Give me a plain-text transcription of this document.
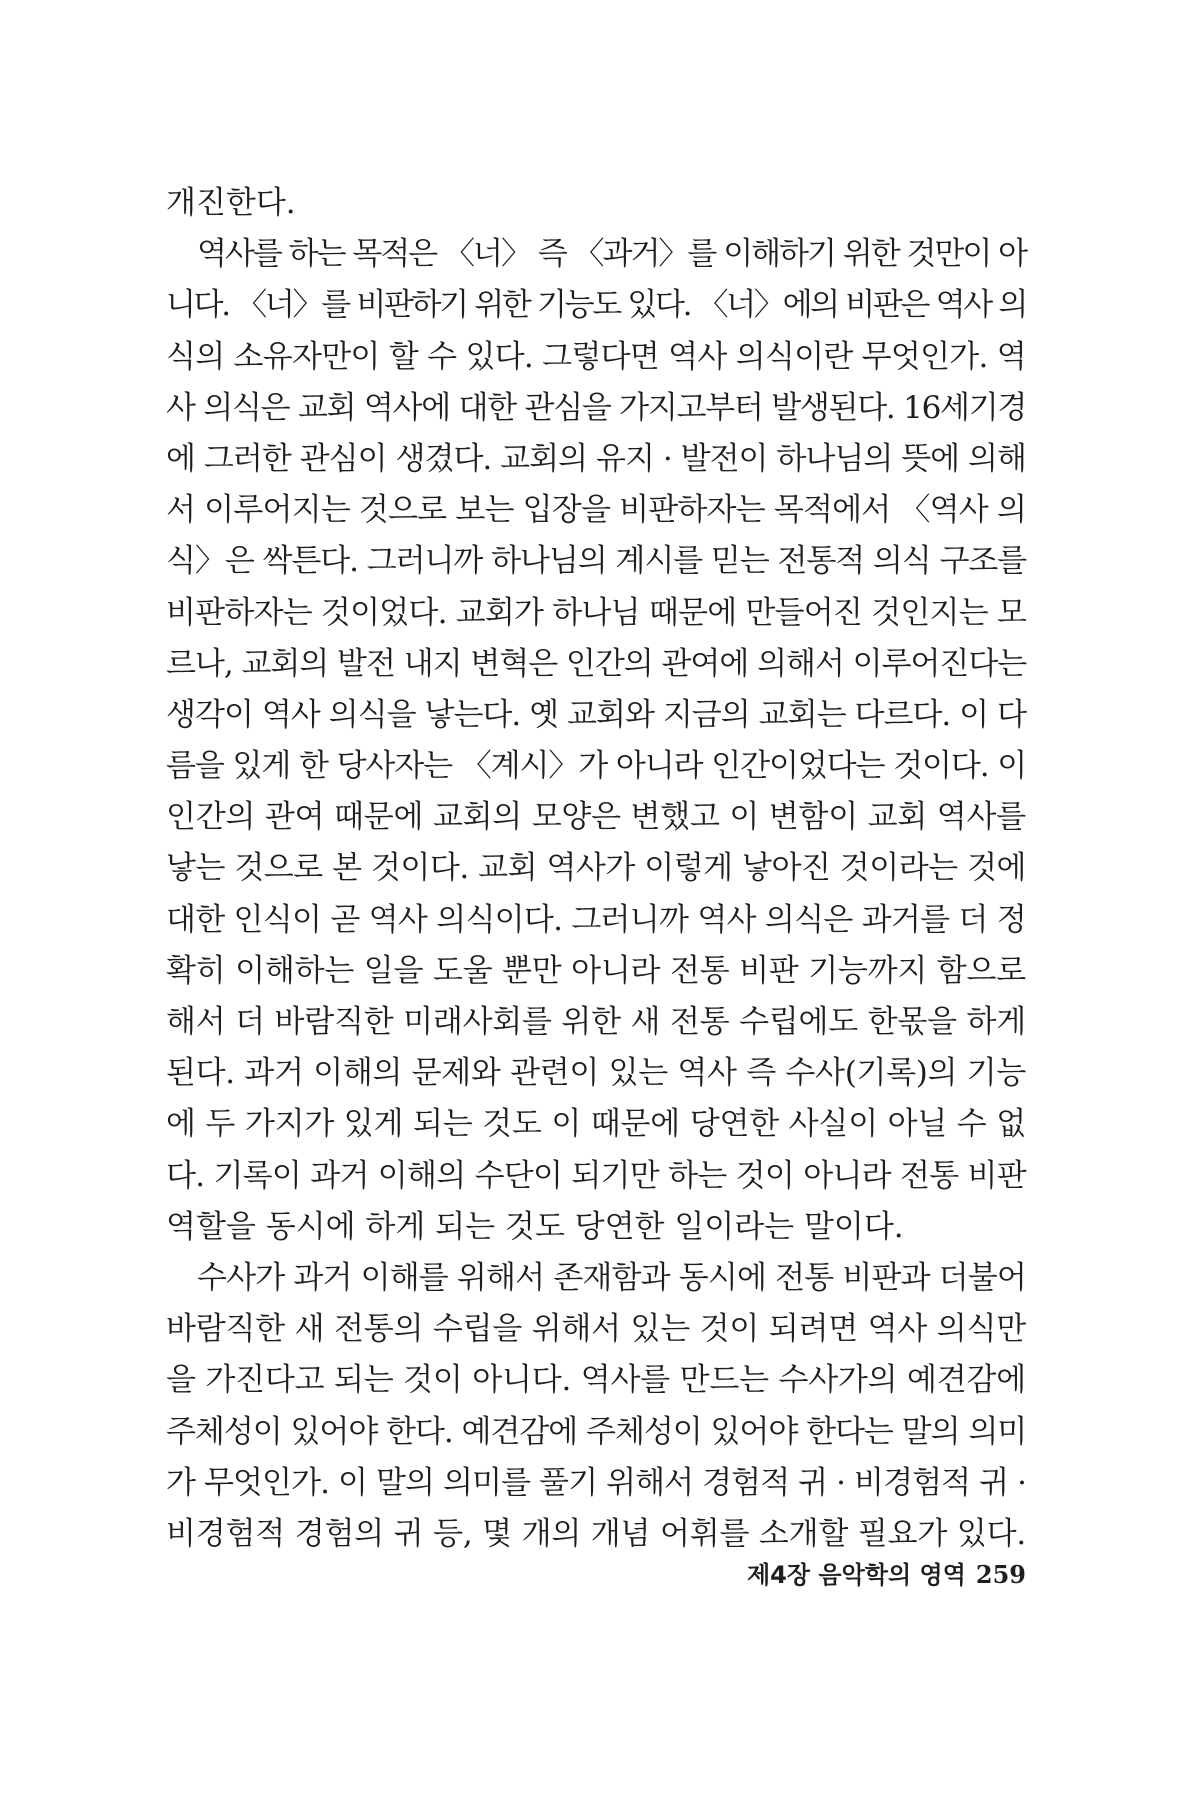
개진한다.
역사를 하는 목적은 〈너〉 즉 〈과거〉를 이해하기 위한 것만이 아
니다. 〈너〉를 비판하기 위한 기능도 있다. 〈너〉에의 비판은 역사 의
식의 소유자만이 할 수 있다. 그렇다면 역사 의식이란 무엇인가. 역
사 의식은 교회 역사에 대한 관심을 가지고부터 발생된다. 16세기경
에 그러한 관심이 생겼다. 교회의 유지 · 발전이 하나님의 뜻에 의해
서 이루어지는 것으로 보는 입장을 비판하자는 목적에서 〈역사 의
식〉은 싹튼다. 그러니까 하나님의 계시를 믿는 전통적 의식 구조를
비판하자는 것이었다. 교회가 하나님 때문에 만들어진 것인지는 모
르나, 교회의 발전 내지 변혁은 인간의 관여에 의해서 이루어진다는
생각이 역사 의식을 낳는다. 옛 교회와 지금의 교회는 다르다. 이 다
름을 있게 한 당사자는 〈계시〉가 아니라 인간이었다는 것이다. 이
인간의 관여 때문에 교회의 모양은 변했고 이 변함이 교회 역사를
낳는 것으로 본 것이다. 교회 역사가 이렇게 낳아진 것이라는 것에
대한 인식이 곧 역사 의식이다. 그러니까 역사 의식은 과거를 더 정
확히 이해하는 일을 도울 뿐만 아니라 전통 비판 기능까지 함으로
해서 더 바람직한 미래사회를 위한 새 전통 수립에도 한몫을 하게
된다. 과거 이해의 문제와 관련이 있는 역사 즉 수사(기록)의 기능
에 두 가지가 있게 되는 것도 이 때문에 당연한 사실이 아닐 수 없
다. 기록이 과거 이해의 수단이 되기만 하는 것이 아니라 전통 비판
역할을 동시에 하게 되는 것도 당연한 일이라는 말이다.
수사가 과거 이해를 위해서 존재함과 동시에 전통 비판과 더불어
바람직한 새 전통의 수립을 위해서 있는 것이 되려면 역사 의식만
을 가진다고 되는 것이 아니다. 역사를 만드는 수사가의 예견감에
주체성이 있어야 한다. 예견감에 주체성이 있어야 한다는 말의 의미
가 무엇인가. 이 말의 의미를 풀기 위해서 경험적 귀 · 비경험적 귀 ·
비경험적 경험의 귀 등, 몇 개의 개념 어휘를 소개할 필요가 있다.
제4장 음악학의 영역 259
